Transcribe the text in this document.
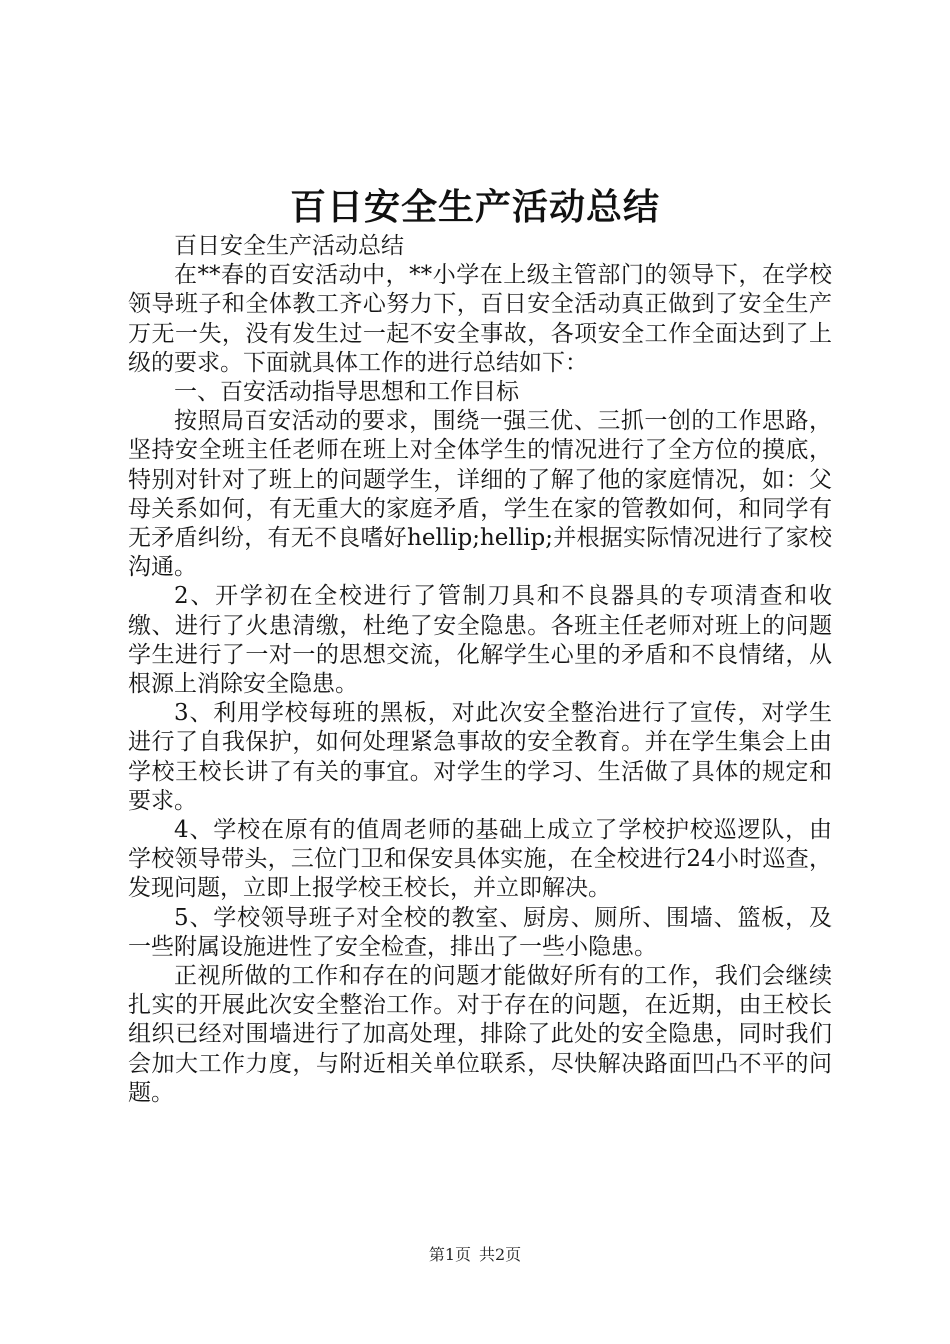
百日安全生产活动总结

百日安全生产活动总结

在**春的百安活动中，**小学在上级主管部门的领导下，在学校领导班子和全体教工齐心努力下，百日安全活动真正做到了安全生产万无一失，没有发生过一起不安全事故，各项安全工作全面达到了上级的要求。下面就具体工作的进行总结如下：

一、百安活动指导思想和工作目标

按照局百安活动的要求，围绕一强三优、三抓一创的工作思路，坚持安全班主任老师在班上对全体学生的情况进行了全方位的摸底，特别对针对了班上的问题学生，详细的了解了他的家庭情况，如：父母关系如何，有无重大的家庭矛盾，学生在家的管教如何，和同学有无矛盾纠纷，有无不良嗜好hellip;hellip;并根据实际情况进行了家校沟通。

2、开学初在全校进行了管制刀具和不良器具的专项清查和收缴、进行了火患清缴，杜绝了安全隐患。各班主任老师对班上的问题学生进行了一对一的思想交流，化解学生心里的矛盾和不良情绪，从根源上消除安全隐患。

3、利用学校每班的黑板，对此次安全整治进行了宣传，对学生进行了自我保护，如何处理紧急事故的安全教育。并在学生集会上由学校王校长讲了有关的事宜。对学生的学习、生活做了具体的规定和要求。

4、学校在原有的值周老师的基础上成立了学校护校巡逻队，由学校领导带头，三位门卫和保安具体实施，在全校进行24小时巡查，发现问题，立即上报学校王校长，并立即解决。

5、学校领导班子对全校的教室、厨房、厕所、围墙、篮板，及一些附属设施进性了安全检查，排出了一些小隐患。

正视所做的工作和存在的问题才能做好所有的工作，我们会继续扎实的开展此次安全整治工作。对于存在的问题，在近期，由王校长组织已经对围墙进行了加高处理，排除了此处的安全隐患，同时我们会加大工作力度，与附近相关单位联系，尽快解决路面凹凸不平的问题。

第1页 共2页
